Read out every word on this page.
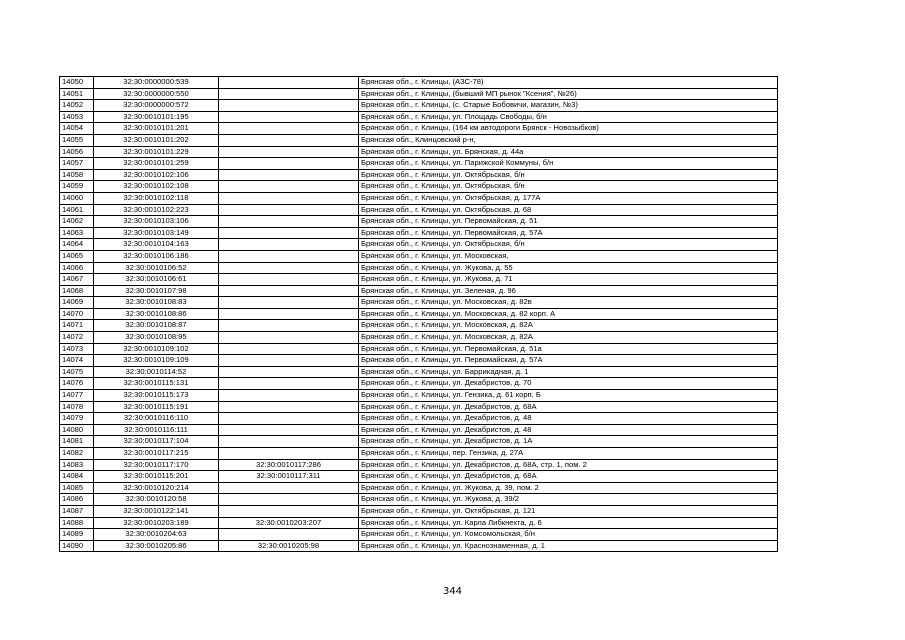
14050	32:30:0000000:539		Брянская обл., г. Клинцы, (АЗС-78)
14051	32:30:0000000:550		Брянская обл., г. Клинцы, (бывший МП рынок "Ксения", №26)
14052	32:30:0000000:572		Брянская обл., г. Клинцы, (с. Старые Бобовичи, магазин, №3)
14053	32:30:0010101:195		Брянская обл., г. Клинцы, ул. Площадь Свободы, б/н
14054	32:30:0010101:201		Брянская обл., г. Клинцы, (164 км автодороги Брянск - Новозыбков)
14055	32:30:0010101:202		Брянская обл., Клинцовский р-н,
14056	32:30:0010101:229		Брянская обл., г. Клинцы, ул. Брянская, д. 44а
14057	32:30:0010101:259		Брянская обл., г. Клинцы, ул. Парижской Коммуны, б/н
14058	32:30:0010102:106		Брянская обл., г. Клинцы, ул. Октябрьская, б/н
14059	32:30:0010102:108		Брянская обл., г. Клинцы, ул. Октябрьская, б/н
14060	32:30:0010102:118		Брянская обл., г. Клинцы, ул. Октябрьская, д. 177А
14061	32:30:0010102:223		Брянская обл., г. Клинцы, ул. Октябрьская, д. 68
14062	32:30:0010103:106		Брянская обл., г. Клинцы, ул. Первомайская, д. 51
14063	32:30:0010103:149		Брянская обл., г. Клинцы, ул. Первомайская, д. 57А
14064	32:30:0010104:163		Брянская обл., г. Клинцы, ул. Октябрьская, б/н
14065	32:30:0010106:186		Брянская обл., г. Клинцы, ул. Московская,
14066	32:30:0010106:52		Брянская обл., г. Клинцы, ул. Жукова, д. 55
14067	32:30:0010106:61		Брянская обл., г. Клинцы, ул. Жукова, д. 71
14068	32:30:0010107:98		Брянская обл., г. Клинцы, ул. Зеленая, д. 96
14069	32:30:0010108:83		Брянская обл., г. Клинцы, ул. Московская, д. 82в
14070	32:30:0010108:86		Брянская обл., г. Клинцы, ул. Московская, д. 82 корп. А
14071	32:30:0010108:87		Брянская обл., г. Клинцы, ул. Московская, д. 82А
14072	32:30:0010108:95		Брянская обл., г. Клинцы, ул. Московская, д. 82А
14073	32:30:0010109:102		Брянская обл., г. Клинцы, ул. Первомайская, д. 51а
14074	32:30:0010109:109		Брянская обл., г. Клинцы, ул. Первомайская, д. 57А
14075	32:30:0010114:52		Брянская обл., г. Клинцы, ул. Баррикадная, д. 1
14076	32:30:0010115:131		Брянская обл., г. Клинцы, ул. Декабристов, д. 70
14077	32:30:0010115:173		Брянская обл., г. Клинцы, ул. Гензика, д. 61 корп. Б
14078	32:30:0010115:191		Брянская обл., г. Клинцы, ул. Декабристов, д. 68А
14079	32:30:0010116:110		Брянская обл., г. Клинцы, ул. Декабристов, д. 48
14080	32:30:0010116:111		Брянская обл., г. Клинцы, ул. Декабристов, д. 48
14081	32:30:0010117:104		Брянская обл., г. Клинцы, ул. Декабристов, д. 1А
14082	32:30:0010117:215		Брянская обл., г. Клинцы, пер. Гензика, д. 27А
14083	32:30:0010117:170	32:30:0010117:286	Брянская обл., г. Клинцы, ул. Декабристов, д. 68А, стр. 1, пом. 2
14084	32:30:0010115:201	32:30:0010117:311	Брянская обл., г. Клинцы, ул. Декабристов, д. 68А
14085	32:30:0010120:214		Брянская обл., г. Клинцы, ул. Жукова, д. 39, пом. 2
14086	32:30:0010120:58		Брянская обл., г. Клинцы, ул. Жукова, д. 39/2
14087	32:30:0010122:141		Брянская обл., г. Клинцы, ул. Октябрьская, д. 121
14088	32:30:0010203:189	32:30:0010203:207	Брянская обл., г. Клинцы, ул. Карла Либкнехта, д. 6
14089	32:30:0010204:63		Брянская обл., г. Клинцы, ул. Комсомольская, б/н
14090	32:30:0010205:86	32:30:0010205:98	Брянская обл., г. Клинцы, ул. Краснознаменная, д. 1
344
